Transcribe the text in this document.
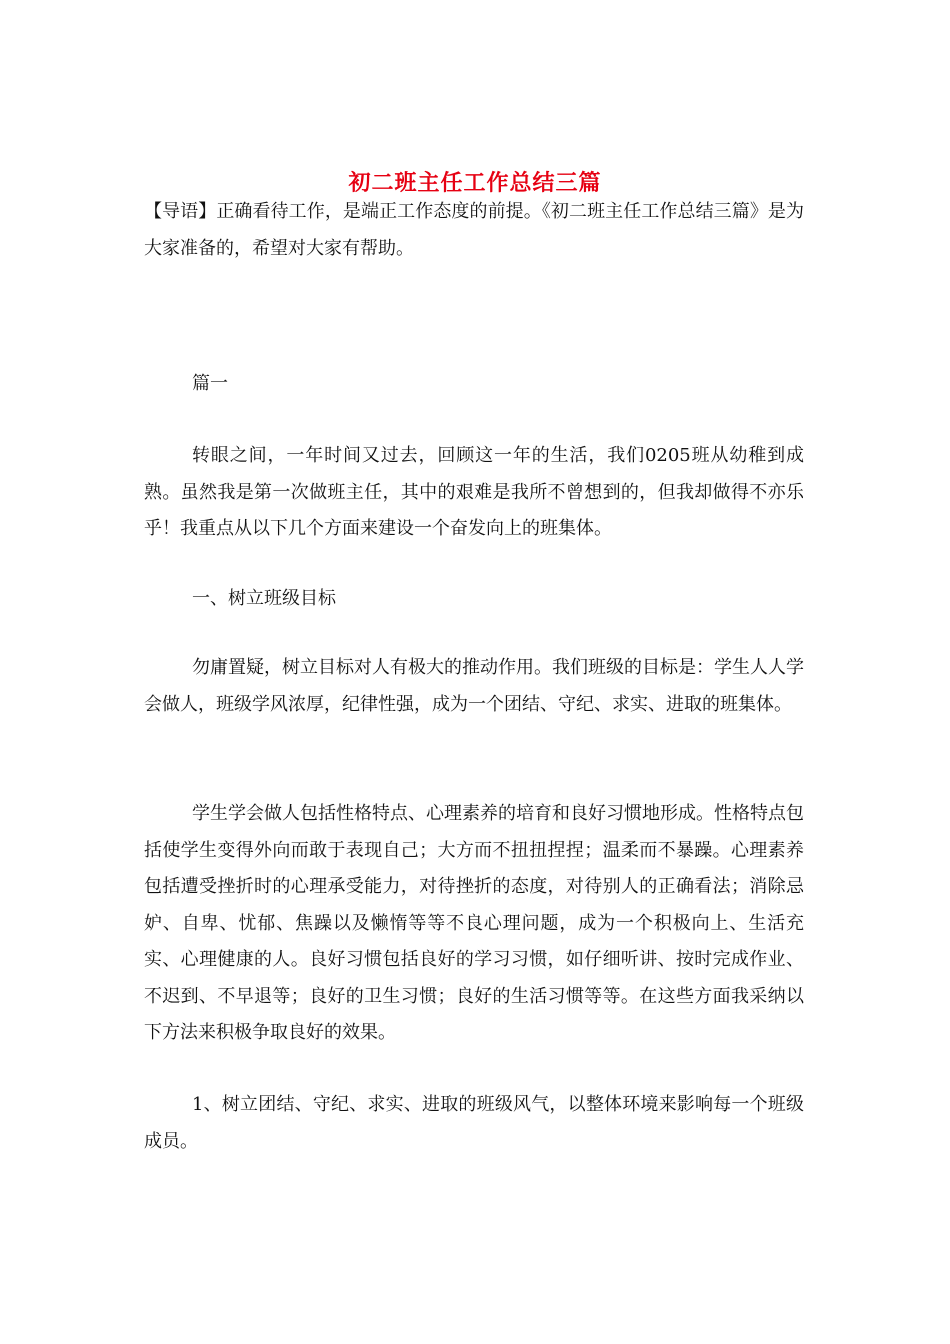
初二班主任工作总结三篇

【导语】正确看待工作，是端正工作态度的前提。《初二班主任工作总结三篇》是为大家准备的，希望对大家有帮助。

篇一

转眼之间，一年时间又过去，回顾这一年的生活，我们0205班从幼稚到成熟。虽然我是第一次做班主任，其中的艰难是我所不曾想到的，但我却做得不亦乐乎！我重点从以下几个方面来建设一个奋发向上的班集体。

一、树立班级目标

勿庸置疑，树立目标对人有极大的推动作用。我们班级的目标是：学生人人学会做人，班级学风浓厚，纪律性强，成为一个团结、守纪、求实、进取的班集体。

学生学会做人包括性格特点、心理素养的培育和良好习惯地形成。性格特点包括使学生变得外向而敢于表现自己；大方而不扭扭捏捏；温柔而不暴躁。心理素养包括遭受挫折时的心理承受能力，对待挫折的态度，对待别人的正确看法；消除忌妒、自卑、忧郁、焦躁以及懒惰等等不良心理问题，成为一个积极向上、生活充实、心理健康的人。良好习惯包括良好的学习习惯，如仔细听讲、按时完成作业、不迟到、不早退等；良好的卫生习惯；良好的生活习惯等等。在这些方面我采纳以下方法来积极争取良好的效果。

1、树立团结、守纪、求实、进取的班级风气，以整体环境来影响每一个班级成员。
